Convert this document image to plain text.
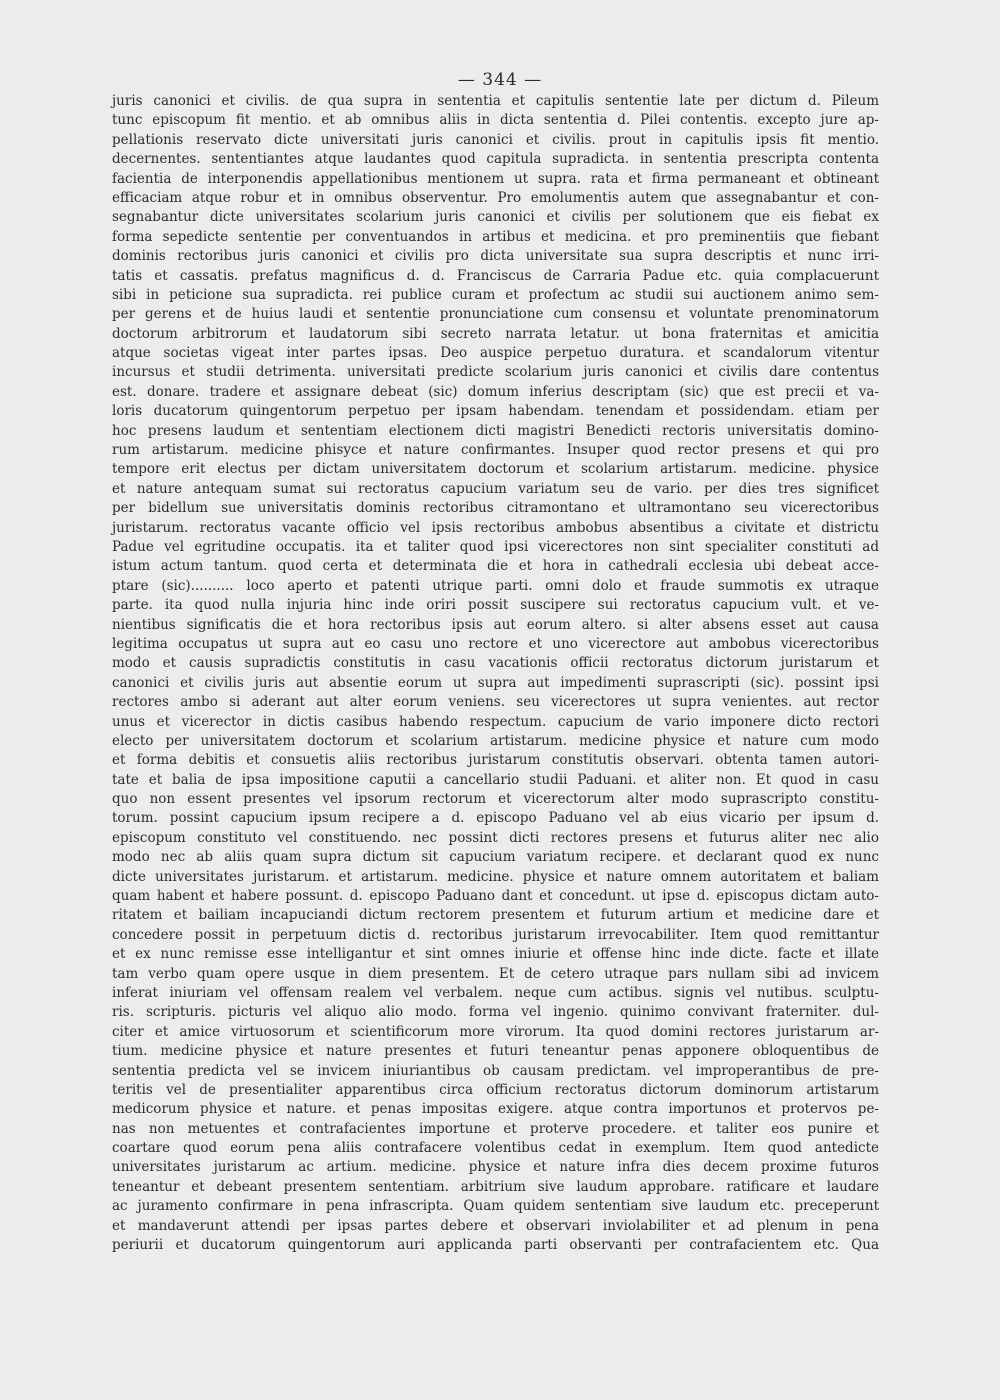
— 344 —
juris canonici et civilis. de qua supra in sententia et capitulis sententie late per dictum d. Pileum
tunc episcopum fit mentio. et ab omnibus aliis in dicta sententia d. Pilei contentis. excepto jure ap-
pellationis reservato dicte universitati juris canonici et civilis. prout in capitulis ipsis fit mentio.
decernentes. sententiantes atque laudantes quod capitula supradicta. in sententia prescripta contenta
facientia de interponendis appellationibus mentionem ut supra. rata et firma permaneant et obtineant
efficaciam atque robur et in omnibus observentur. Pro emolumentis autem que assegnabantur et con-
segnabantur dicte universitates scolarium juris canonici et civilis per solutionem que eis fiebat ex
forma sepedicte sententie per conventuandos in artibus et medicina. et pro preminentiis que fiebant
dominis rectoribus juris canonici et civilis pro dicta universitate sua supra descriptis et nunc irri-
tatis et cassatis. prefatus magnificus d. d. Franciscus de Carraria Padue etc. quia complacuerunt
sibi in peticione sua supradicta. rei publice curam et profectum ac studii sui auctionem animo sem-
per gerens et de huius laudi et sententie pronunciatione cum consensu et voluntate prenominatorum
doctorum arbitrorum et laudatorum sibi secreto narrata letatur. ut bona fraternitas et amicitia
atque societas vigeat inter partes ipsas. Deo auspice perpetuo duratura. et scandalorum vitentur
incursus et studii detrimenta. universitati predicte scolarium juris canonici et civilis dare contentus
est. donare. tradere et assignare debeat (sic) domum inferius descriptam (sic) que est precii et va-
loris ducatorum quingentorum perpetuo per ipsam habendam. tenendam et possidendam. etiam per
hoc presens laudum et sententiam electionem dicti magistri Benedicti rectoris universitatis domino-
rum artistarum. medicine phisyce et nature confirmantes. Insuper quod rector presens et qui pro
tempore erit electus per dictam universitatem doctorum et scolarium artistarum. medicine. physice
et nature antequam sumat sui rectoratus capucium variatum seu de vario. per dies tres significet
per bidellum sue universitatis dominis rectoribus citramontano et ultramontano seu vicerectoribus
juristarum. rectoratus vacante officio vel ipsis rectoribus ambobus absentibus a civitate et districtu
Padue vel egritudine occupatis. ita et taliter quod ipsi vicerectores non sint specialiter constituti ad
istum actum tantum. quod certa et determinata die et hora in cathedrali ecclesia ubi debeat acce-
ptare (sic).......... loco aperto et patenti utrique parti. omni dolo et fraude summotis ex utraque
parte. ita quod nulla injuria hinc inde oriri possit suscipere sui rectoratus capucium vult. et ve-
nientibus significatis die et hora rectoribus ipsis aut eorum altero. si alter absens esset aut causa
legitima occupatus ut supra aut eo casu uno rectore et uno vicerectore aut ambobus vicerectoribus
modo et causis supradictis constitutis in casu vacationis officii rectoratus dictorum juristarum et
canonici et civilis juris aut absentie eorum ut supra aut impedimenti suprascripti (sic). possint ipsi
rectores ambo si aderant aut alter eorum veniens. seu vicerectores ut supra venientes. aut rector
unus et vicerector in dictis casibus habendo respectum. capucium de vario imponere dicto rectori
electo per universitatem doctorum et scolarium artistarum. medicine physice et nature cum modo
et forma debitis et consuetis aliis rectoribus juristarum constitutis observari. obtenta tamen autori-
tate et balia de ipsa impositione caputii a cancellario studii Paduani. et aliter non. Et quod in casu
quo non essent presentes vel ipsorum rectorum et vicerectorum alter modo suprascripto constitu-
torum. possint capucium ipsum recipere a d. episcopo Paduano vel ab eius vicario per ipsum d.
episcopum constituto vel constituendo. nec possint dicti rectores presens et futurus aliter nec alio
modo nec ab aliis quam supra dictum sit capucium variatum recipere. et declarant quod ex nunc
dicte universitates juristarum. et artistarum. medicine. physice et nature omnem autoritatem et baliam
quam habent et habere possunt. d. episcopo Paduano dant et concedunt. ut ipse d. episcopus dictam auto-
ritatem et bailiam incapuciandi dictum rectorem presentem et futurum artium et medicine dare et
concedere possit in perpetuum dictis d. rectoribus juristarum irrevocabiliter. Item quod remittantur
et ex nunc remisse esse intelligantur et sint omnes iniurie et offense hinc inde dicte. facte et illate
tam verbo quam opere usque in diem presentem. Et de cetero utraque pars nullam sibi ad invicem
inferat iniuriam vel offensam realem vel verbalem. neque cum actibus. signis vel nutibus. sculptu-
ris. scripturis. picturis vel aliquo alio modo. forma vel ingenio. quinimo convivant fraterniter. dul-
citer et amice virtuosorum et scientificorum more virorum. Ita quod domini rectores juristarum ar-
tium. medicine physice et nature presentes et futuri teneantur penas apponere obloquentibus de
sententia predicta vel se invicem iniuriantibus ob causam predictam. vel improperantibus de pre-
teritis vel de presentialiter apparentibus circa officium rectoratus dictorum dominorum artistarum
medicorum physice et nature. et penas impositas exigere. atque contra importunos et protervos pe-
nas non metuentes et contrafacientes importune et proterve procedere. et taliter eos punire et
coartare quod eorum pena aliis contrafacere volentibus cedat in exemplum. Item quod antedicte
universitates juristarum ac artium. medicine. physice et nature infra dies decem proxime futuros
teneantur et debeant presentem sententiam. arbitrium sive laudum approbare. ratificare et laudare
ac juramento confirmare in pena infrascripta. Quam quidem sententiam sive laudum etc. preceperunt
et mandaverunt attendi per ipsas partes debere et observari inviolabiliter et ad plenum in pena
periurii et ducatorum quingentorum auri applicanda parti observanti per contrafacientem etc. Qua
